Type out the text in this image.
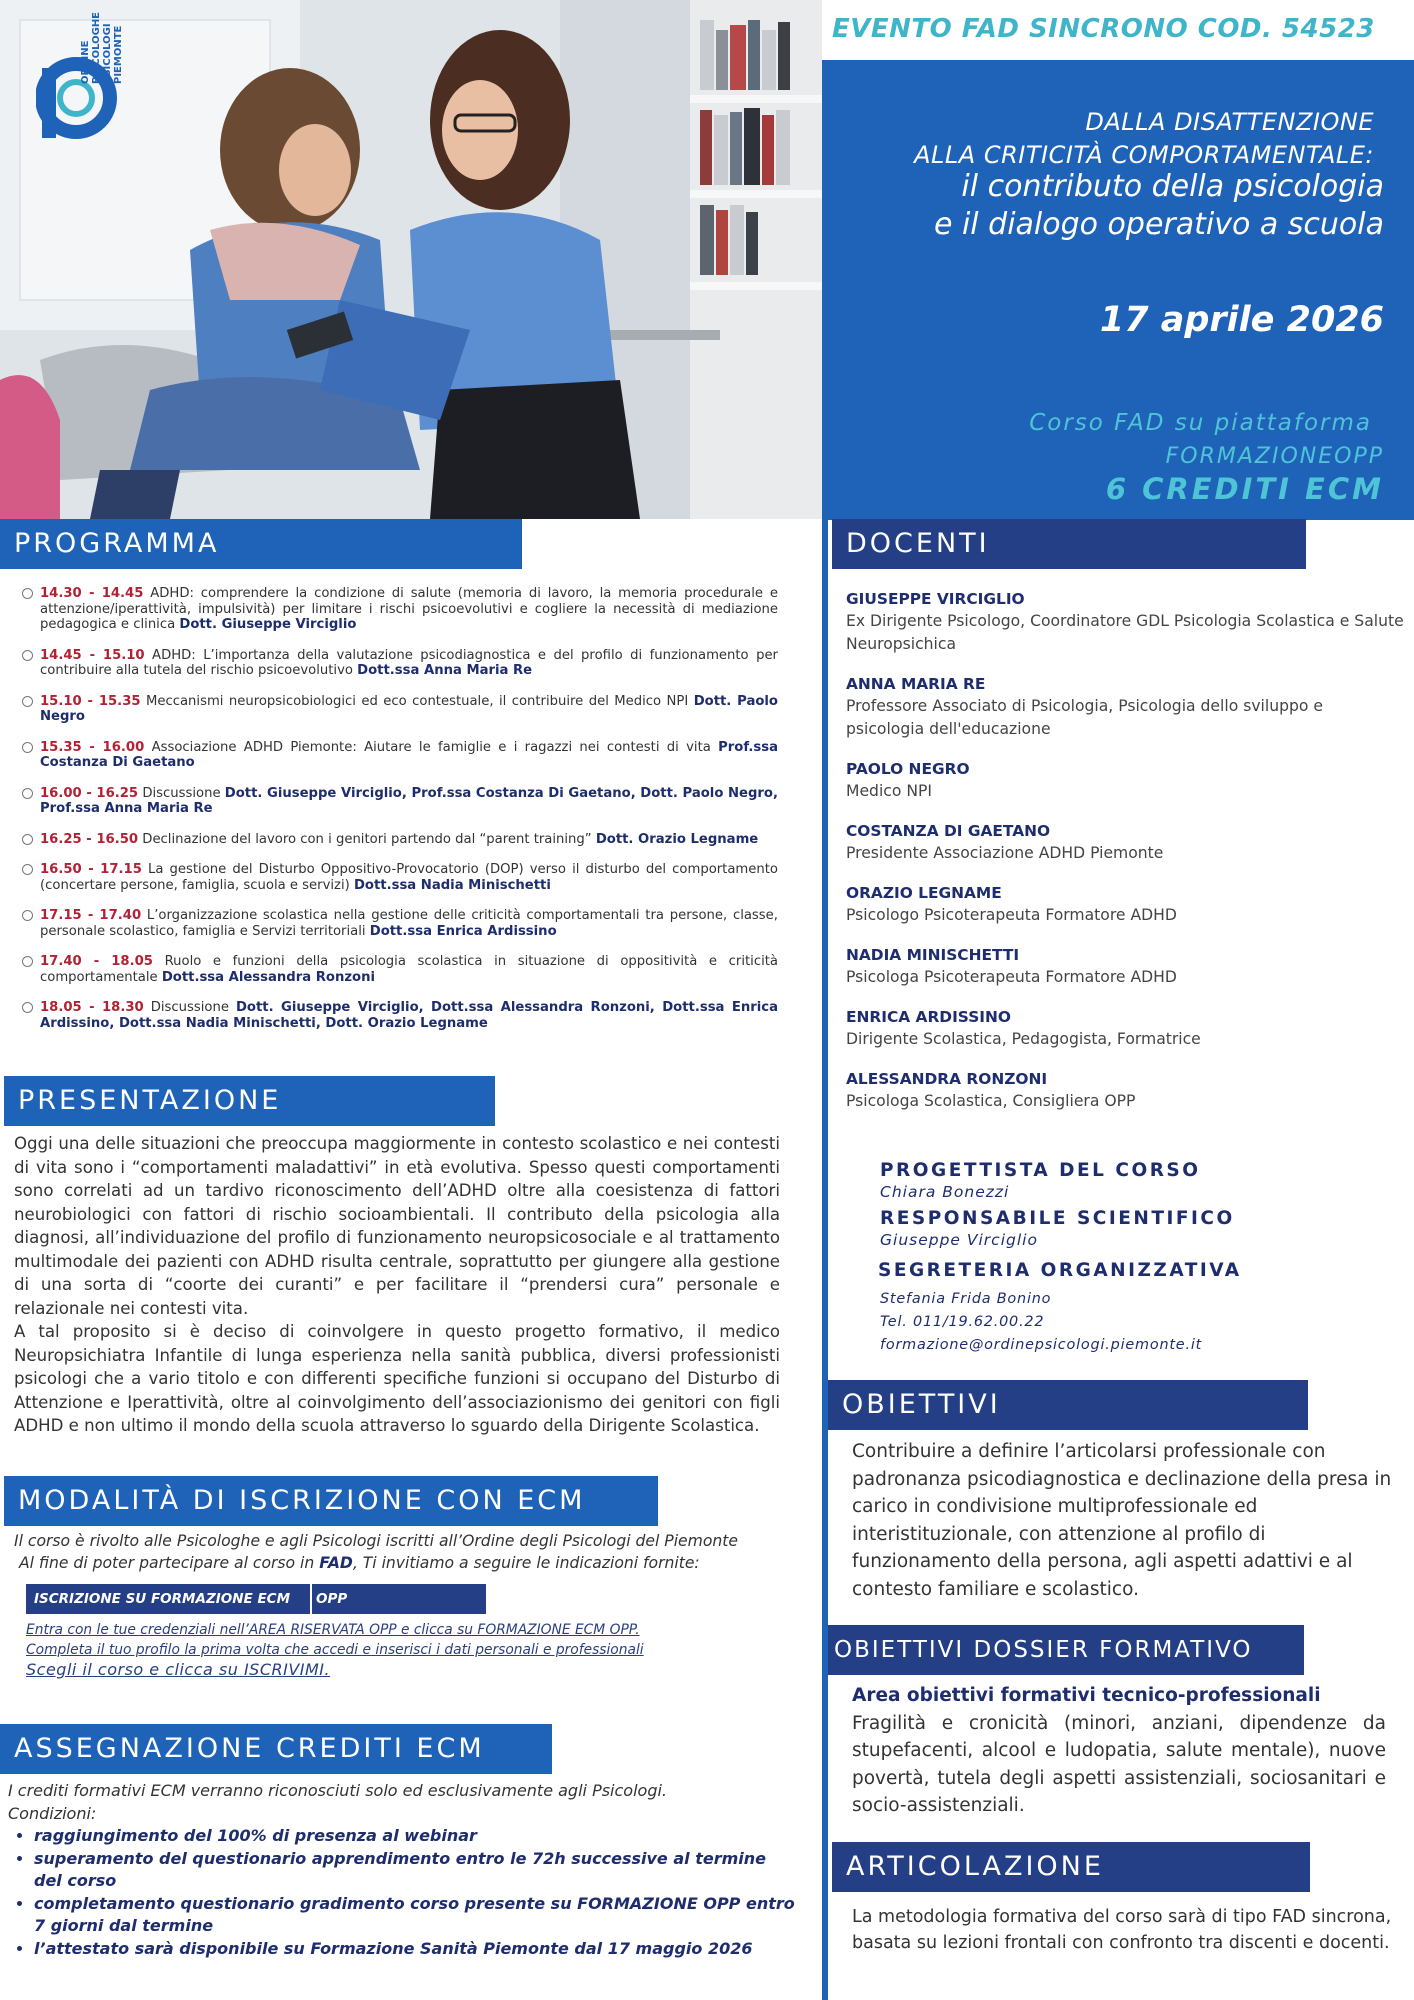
ORDINE PSICOLOGHE PSICOLOGI PIEMONTE	EVENTO FAD SINCRONO COD. 54523
DALLA DISATTENZIONE
ALLA CRITICITÀ COMPORTAMENTALE:
il contributo della psicologia
e il dialogo operativo a scuola
17 aprile 2026
Corso FAD su piattaforma
FORMAZIONEOPP
6 CREDITI ECM
PROGRAMMA
14.30 - 14.45 ADHD: comprendere la condizione di salute (memoria di lavoro, la memoria procedurale e attenzione/iperattività, impulsività) per limitare i rischi psicoevolutivi e cogliere la necessità di mediazione pedagogica e clinica Dott. Giuseppe Virciglio
14.45 - 15.10 ADHD: L’importanza della valutazione psicodiagnostica e del profilo di funzionamento per contribuire alla tutela del rischio psicoevolutivo Dott.ssa Anna Maria Re
15.10 - 15.35 Meccanismi neuropsicobiologici ed eco contestuale, il contribuire del Medico NPI Dott. Paolo Negro
15.35 - 16.00 Associazione ADHD Piemonte: Aiutare le famiglie e i ragazzi nei contesti di vita Prof.ssa Costanza Di Gaetano
16.00 - 16.25 Discussione Dott. Giuseppe Virciglio, Prof.ssa Costanza Di Gaetano, Dott. Paolo Negro, Prof.ssa Anna Maria Re
16.25 - 16.50 Declinazione del lavoro con i genitori partendo dal “parent training” Dott. Orazio Legname
16.50 - 17.15 La gestione del Disturbo Oppositivo-Provocatorio (DOP) verso il disturbo del comportamento (concertare persone, famiglia, scuola e servizi) Dott.ssa Nadia Minischetti
17.15 - 17.40 L’organizzazione scolastica nella gestione delle criticità comportamentali tra persone, classe, personale scolastico, famiglia e Servizi territoriali Dott.ssa Enrica Ardissino
17.40 - 18.05 Ruolo e funzioni della psicologia scolastica in situazione di oppositività e criticità comportamentale Dott.ssa Alessandra Ronzoni
18.05 - 18.30 Discussione Dott. Giuseppe Virciglio, Dott.ssa Alessandra Ronzoni, Dott.ssa Enrica Ardissino, Dott.ssa Nadia Minischetti, Dott. Orazio Legname
PRESENTAZIONE
Oggi una delle situazioni che preoccupa maggiormente in contesto scolastico e nei contesti di vita sono i “comportamenti maladattivi” in età evolutiva. Spesso questi comportamenti sono correlati ad un tardivo riconoscimento dell’ADHD oltre alla coesistenza di fattori neurobiologici con fattori di rischio socioambientali. Il contributo della psicologia alla diagnosi, all’individuazione del profilo di funzionamento neuropsicosociale e al trattamento multimodale dei pazienti con ADHD risulta centrale, soprattutto per giungere alla gestione di una sorta di “coorte dei curanti” e per facilitare il “prendersi cura” personale e relazionale nei contesti vita.
A tal proposito si è deciso di coinvolgere in questo progetto formativo, il medico Neuropsichiatra Infantile di lunga esperienza nella sanità pubblica, diversi professionisti psicologi che a vario titolo e con differenti specifiche funzioni si occupano del Disturbo di Attenzione e Iperattività, oltre al coinvolgimento dell’associazionismo dei genitori con figli ADHD e non ultimo il mondo della scuola attraverso lo sguardo della Dirigente Scolastica.
MODALITÀ DI ISCRIZIONE CON ECM
Il corso è rivolto alle Psicologhe e agli Psicologi iscritti all’Ordine degli Psicologi del Piemonte
Al fine di poter partecipare al corso in FAD, Ti invitiamo a seguire le indicazioni fornite:
ISCRIZIONE SU FORMAZIONE ECM OPP
Entra con le tue credenziali nell’AREA RISERVATA OPP e clicca su FORMAZIONE ECM OPP.
Completa il tuo profilo la prima volta che accedi e inserisci i dati personali e professionali
Scegli il corso e clicca su ISCRIVIMI.
ASSEGNAZIONE CREDITI ECM
I crediti formativi ECM verranno riconosciuti solo ed esclusivamente agli Psicologi.
Condizioni:
• raggiungimento del 100% di presenza al webinar
• superamento del questionario apprendimento entro le 72h successive al termine del corso
• completamento questionario gradimento corso presente su FORMAZIONE OPP entro 7 giorni dal termine
• l’attestato sarà disponibile su Formazione Sanità Piemonte dal 17 maggio 2026
DOCENTI
GIUSEPPE VIRCIGLIO
Ex Dirigente Psicologo, Coordinatore GDL Psicologia Scolastica e Salute Neuropsichica
ANNA MARIA RE
Professore Associato di Psicologia, Psicologia dello sviluppo e psicologia dell'educazione
PAOLO NEGRO
Medico NPI
COSTANZA DI GAETANO
Presidente Associazione ADHD Piemonte
ORAZIO LEGNAME
Psicologo Psicoterapeuta Formatore ADHD
NADIA MINISCHETTI
Psicologa Psicoterapeuta Formatore ADHD
ENRICA ARDISSINO
Dirigente Scolastica, Pedagogista, Formatrice
ALESSANDRA RONZONI
Psicologa Scolastica, Consigliera OPP
PROGETTISTA DEL CORSO
Chiara Bonezzi
RESPONSABILE SCIENTIFICO
Giuseppe Virciglio
SEGRETERIA ORGANIZZATIVA
Stefania Frida Bonino
Tel. 011/19.62.00.22
formazione@ordinepsicologi.piemonte.it
OBIETTIVI
Contribuire a definire l’articolarsi professionale con padronanza psicodiagnostica e declinazione della presa in carico in condivisione multiprofessionale ed interistituzionale, con attenzione al profilo di funzionamento della persona, agli aspetti adattivi e al contesto familiare e scolastico.
OBIETTIVI DOSSIER FORMATIVO
Area obiettivi formativi tecnico-professionali
Fragilità e cronicità (minori, anziani, dipendenze da stupefacenti, alcool e ludopatia, salute mentale), nuove povertà, tutela degli aspetti assistenziali, sociosanitari e socio-assistenziali.
ARTICOLAZIONE
La metodologia formativa del corso sarà di tipo FAD sincrona, basata su lezioni frontali con confronto tra discenti e docenti.
